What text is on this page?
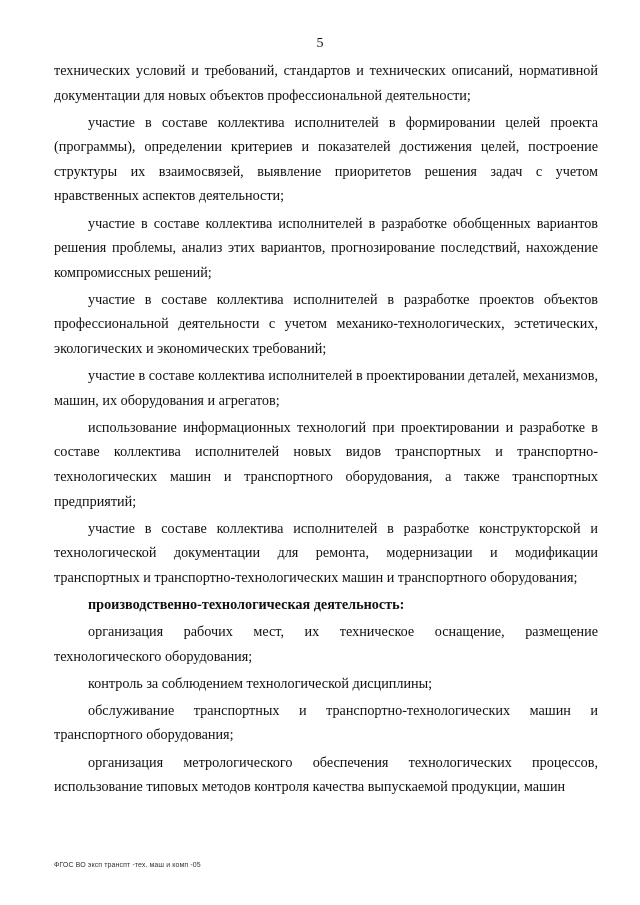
5

технических условий и требований, стандартов и технических описаний, нормативной документации для новых объектов профессиональной деятельности;

участие в составе коллектива исполнителей в формировании целей проекта (программы), определении критериев и показателей достижения целей, построение структуры их взаимосвязей, выявление приоритетов решения задач с учетом нравственных аспектов деятельности;

участие в составе коллектива исполнителей в разработке обобщенных вариантов решения проблемы, анализ этих вариантов, прогнозирование последствий, нахождение компромиссных решений;

участие в составе коллектива исполнителей в разработке проектов объектов профессиональной деятельности с учетом механико-технологических, эстетических, экологических и экономических требований;

участие в составе коллектива исполнителей в проектировании деталей, механизмов, машин, их оборудования и агрегатов;

использование информационных технологий при проектировании и разработке в составе коллектива исполнителей новых видов транспортных и транспортно-технологических машин и транспортного оборудования, а также транспортных предприятий;

участие в составе коллектива исполнителей в разработке конструкторской и технологической документации для ремонта, модернизации и модификации транспортных и транспортно-технологических машин и транспортного оборудования;

производственно-технологическая деятельность:

организация рабочих мест, их техническое оснащение, размещение технологического оборудования;

контроль за соблюдением технологической дисциплины;

обслуживание транспортных и транспортно-технологических машин и транспортного оборудования;

организация метрологического обеспечения технологических процессов, использование типовых методов контроля качества выпускаемой продукции, машин

ФГОС ВО эксп транспт -тех. маш и комп -05
